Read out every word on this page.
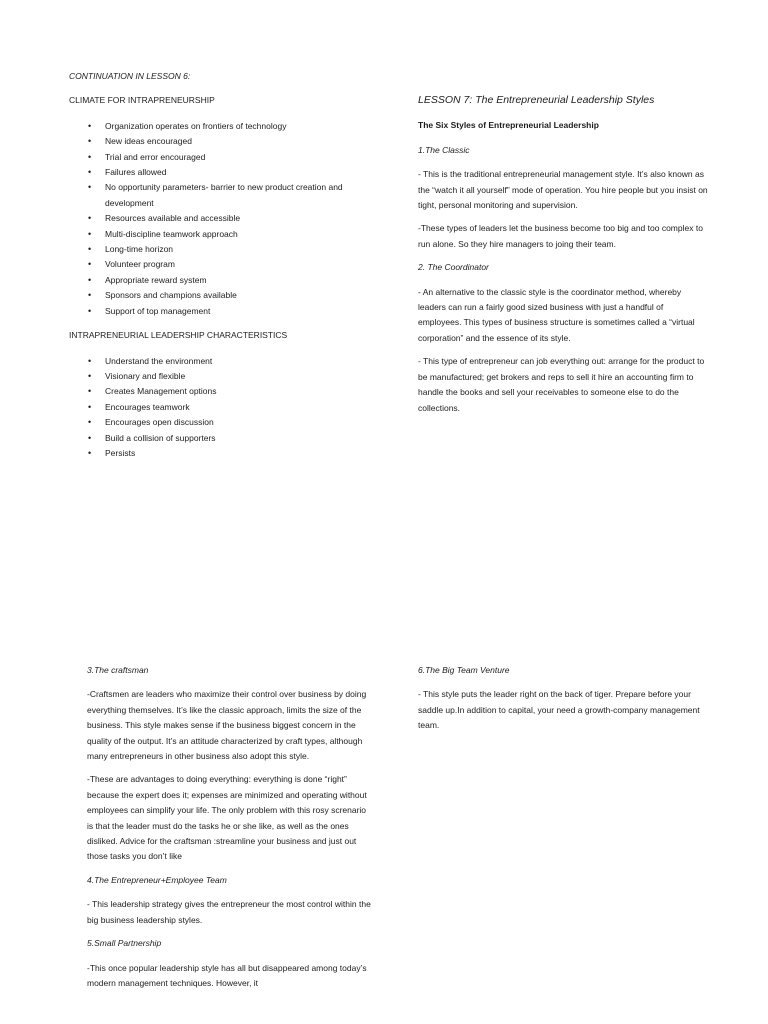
CONTINUATION IN LESSON 6:

CLIMATE FOR INTRAPRENEURSHIP

• Organization operates on frontiers of technology
• New ideas encouraged
• Trial and error encouraged
• Failures allowed
• No opportunity parameters- barrier to new product creation and development
• Resources available and accessible
• Multi-discipline teamwork approach
• Long-time horizon
• Volunteer program
• Appropriate reward system
• Sponsors and champions available
• Support of top management

INTRAPRENEURIAL LEADERSHIP CHARACTERISTICS

• Understand the environment
• Visionary and flexible
• Creates Management options
• Encourages teamwork
• Encourages open discussion
• Build a collision of supporters
• Persists

LESSON 7: The Entrepreneurial Leadership Styles

The Six Styles of Entrepreneurial Leadership

1.The Classic

- This is the traditional entrepreneurial management style. It’s also known as the “watch it all yourself” mode of operation. You hire people but you insist on tight, personal monitoring and supervision.

-These types of leaders let the business become too big and too complex to run alone. So they hire managers to joing their team.

2. The Coordinator

- An alternative to the classic style is the coordinator method, whereby leaders can run a fairly good sized business with just a handful of employees. This types of business structure is sometimes called a “virtual corporation” and the essence of its style.

- This type of entrepreneur can job everything out: arrange for the product to be manufactured; get brokers and reps to sell it hire an accounting firm to handle the books and sell your receivables to someone else to do the collections.

3.The craftsman

-Craftsmen are leaders who maximize their control over business by doing everything themselves. It’s like the classic approach, limits the size of the business. This style makes sense if the business biggest concern in the quality of the output. It’s an attitude characterized by craft types, although many entrepreneurs in other business also adopt this style.

-These are advantages to doing everything: everything is done “right” because the expert does it; expenses are minimized and operating without employees can simplify your life. The only problem with this rosy screnario is that the leader must do the tasks he or she like, as well as the ones disliked. Advice for the craftsman :streamline your business and just out those tasks you don’t like

4.The Entrepreneur+Employee Team

- This leadership strategy gives the entrepreneur the most control within the big business leadership styles.

5.Small Partnership

-This once popular leadership style has all but disappeared among today’s modern management techniques. However, it

6.The Big Team Venture

- This style puts the leader right on the back of tiger. Prepare before your saddle up.In addition to capital, your need a growth-company management team.
